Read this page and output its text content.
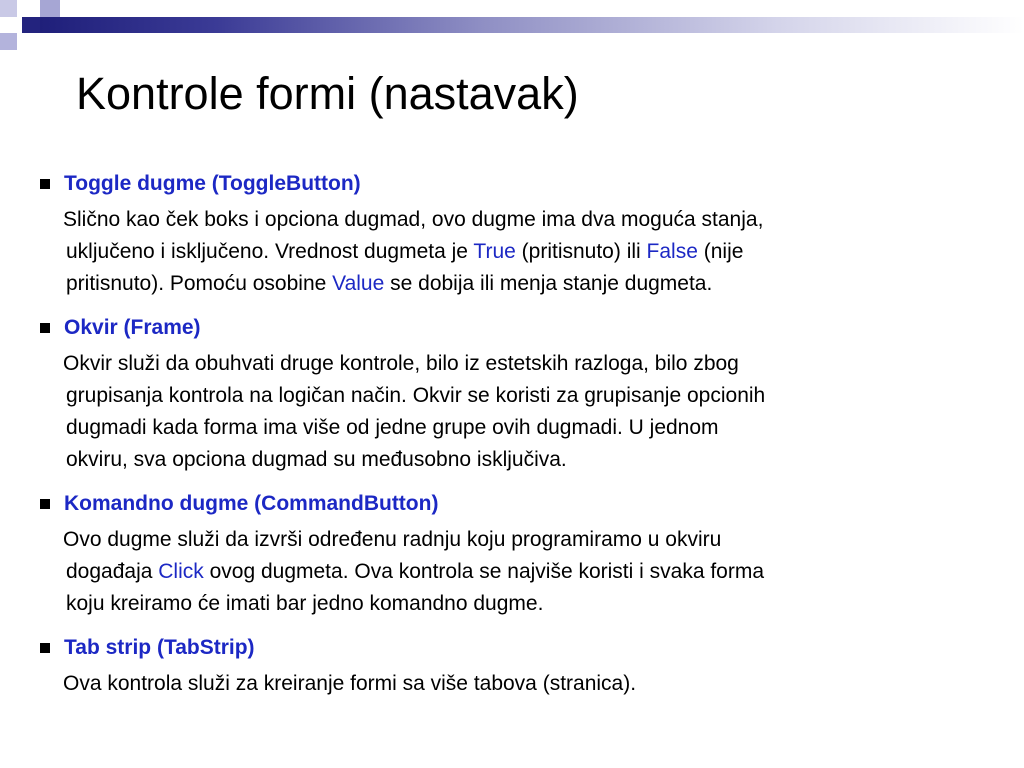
Kontrole formi (nastavak)
Toggle dugme (ToggleButton)
Slično kao ček boks i opciona dugmad, ovo dugme ima dva moguća stanja,
uključeno i isključeno. Vrednost dugmeta je True (pritisnuto) ili False (nije
pritisnuto). Pomoću osobine Value se dobija ili menja stanje dugmeta.
Okvir (Frame)
Okvir služi da obuhvati druge kontrole, bilo iz estetskih razloga, bilo zbog
grupisanja kontrola na logičan način. Okvir se koristi za grupisanje opcionih
dugmadi kada forma ima više od jedne grupe ovih dugmadi. U jednom
okviru, sva opciona dugmad su međusobno isključiva.
Komandno dugme (CommandButton)
Ovo dugme služi da izvrši određenu radnju koju programiramo u okviru
događaja Click ovog dugmeta. Ova kontrola se najviše koristi i svaka forma
koju kreiramo će imati bar jedno komandno dugme.
Tab strip (TabStrip)
Ova kontrola služi za kreiranje formi sa više tabova (stranica).
